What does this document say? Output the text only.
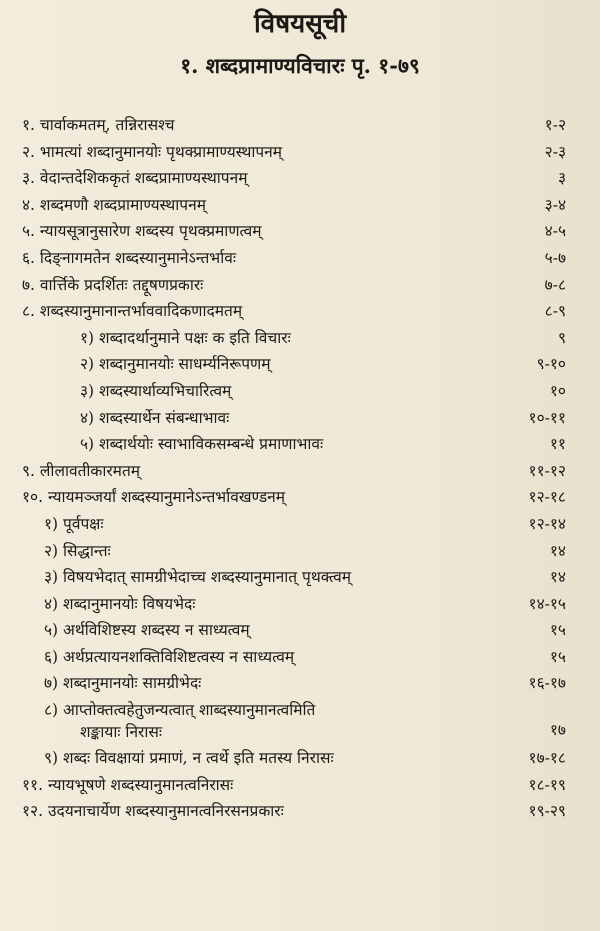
विषयसूची
१. शब्दप्रामाण्यविचारः पृ. १-७९
१. चार्वाकमतम्, तन्निरासश्च	१-२
२. भामत्यां शब्दानुमानयोः पृथक्प्रामाण्यस्थापनम्	२-३
३. वेदान्तदेशिककृतं शब्दप्रामाण्यस्थापनम्	३
४. शब्दमणौ शब्दप्रामाण्यस्थापनम्	३-४
५. न्यायसूत्रानुसारेण शब्दस्य पृथक्प्रमाणत्वम्	४-५
६. दिङ्नागमतेन शब्दस्यानुमानेऽन्तर्भावः	५-७
७. वार्त्तिके प्रदर्शितः तद्दूषणप्रकारः	७-८
८. शब्दस्यानुमानान्तर्भाववादिकणादमतम्	८-९
१) शब्दादर्थानुमाने पक्षः क इति विचारः	९
२) शब्दानुमानयोः साधर्म्यनिरूपणम्	९-१०
३) शब्दस्यार्थाव्यभिचारित्वम्	१०
४) शब्दस्यार्थेन संबन्धाभावः	१०-११
५) शब्दार्थयोः स्वाभाविकसम्बन्धे प्रमाणाभावः	११
९. लीलावतीकारमतम्	११-१२
१०. न्यायमञ्जर्यां शब्दस्यानुमानेऽन्तर्भावखण्डनम्	१२-१८
१) पूर्वपक्षः	१२-१४
२) सिद्धान्तः	१४
३) विषयभेदात् सामग्रीभेदाच्च शब्दस्यानुमानात् पृथक्त्वम्	१४
४) शब्दानुमानयोः विषयभेदः	१४-१५
५) अर्थविशिष्टस्य शब्दस्य न साध्यत्वम्	१५
६) अर्थप्रत्यायनशक्तिविशिष्टत्वस्य न साध्यत्वम्	१५
७) शब्दानुमानयोः सामग्रीभेदः	१६-१७
८) आप्तोक्तत्वहेतुजन्यत्वात् शाब्दस्यानुमानत्वमिति
शङ्कायाः निरासः	१७
९) शब्दः विवक्षायां प्रमाणं, न त्वर्थे इति मतस्य निरासः	१७-१८
११. न्यायभूषणे शब्दस्यानुमानत्वनिरासः	१८-१९
१२. उदयनाचार्येण शब्दस्यानुमानत्वनिरसनप्रकारः	१९-२९
